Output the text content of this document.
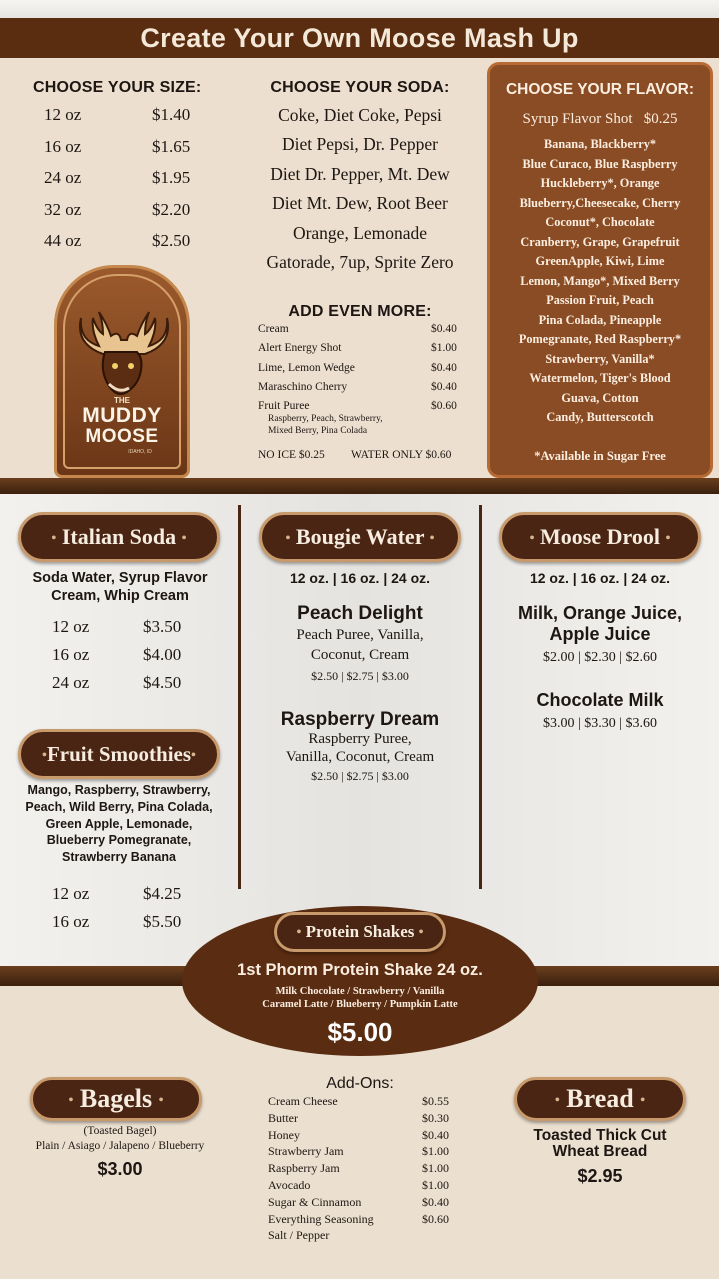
Create Your Own Moose Mash Up
CHOOSE YOUR SIZE:
12 oz	$1.40
16 oz	$1.65
24 oz	$1.95
32 oz	$2.20
44 oz	$2.50
CHOOSE YOUR SODA:
Coke, Diet Coke, Pepsi
Diet Pepsi, Dr. Pepper
Diet Dr. Pepper, Mt. Dew
Diet Mt. Dew, Root Beer
Orange, Lemonade
Gatorade, 7up, Sprite Zero
ADD EVEN MORE:
Cream	$0.40
Alert Energy Shot	$1.00
Lime, Lemon Wedge	$0.40
Maraschino Cherry	$0.40
Fruit Puree	$0.60
Raspberry, Peach, Strawberry,
Mixed Berry, Pina Colada
NO ICE $0.25 WATER ONLY $0.60
THE
MUDDY
MOOSE
IDAHO, ID
CHOOSE YOUR FLAVOR:
Syrup Flavor Shot $0.25
Banana, Blackberry*
Blue Curaco, Blue Raspberry
Huckleberry*, Orange
Blueberry,Cheesecake, Cherry
Coconut*, Chocolate
Cranberry, Grape, Grapefruit
GreenApple, Kiwi, Lime
Lemon, Mango*, Mixed Berry
Passion Fruit, Peach
Pina Colada, Pineapple
Pomegranate, Red Raspberry*
Strawberry, Vanilla*
Watermelon, Tiger's Blood
Guava, Cotton
Candy, Butterscotch
*Available in Sugar Free
• Italian Soda •
Soda Water, Syrup Flavor
Cream, Whip Cream
12 oz	$3.50
16 oz	$4.00
24 oz	$4.50
•Fruit Smoothies•
Mango, Raspberry, Strawberry,
Peach, Wild Berry, Pina Colada,
Green Apple, Lemonade,
Blueberry Pomegranate,
Strawberry Banana
12 oz	$4.25
16 oz	$5.50
• Bougie Water •
12 oz. | 16 oz. | 24 oz.
Peach Delight
Peach Puree, Vanilla,
Coconut, Cream
$2.50 | $2.75 | $3.00
Raspberry Dream
Raspberry Puree,
Vanilla, Coconut, Cream
$2.50 | $2.75 | $3.00
• Moose Drool •
12 oz. | 16 oz. | 24 oz.
Milk, Orange Juice,
Apple Juice
$2.00 | $2.30 | $2.60
Chocolate Milk
$3.00 | $3.30 | $3.60
• Protein Shakes •
1st Phorm Protein Shake 24 oz.
Milk Chocolate / Strawberry / Vanilla
Caramel Latte / Blueberry / Pumpkin Latte
$5.00
• Bagels •
(Toasted Bagel)
Plain / Asiago / Jalapeno / Blueberry
$3.00
Add-Ons:
Cream Cheese	$0.55
Butter	$0.30
Honey	$0.40
Strawberry Jam	$1.00
Raspberry Jam	$1.00
Avocado	$1.00
Sugar & Cinnamon	$0.40
Everything Seasoning	$0.60
Salt / Pepper
• Bread •
Toasted Thick Cut
Wheat Bread
$2.95
